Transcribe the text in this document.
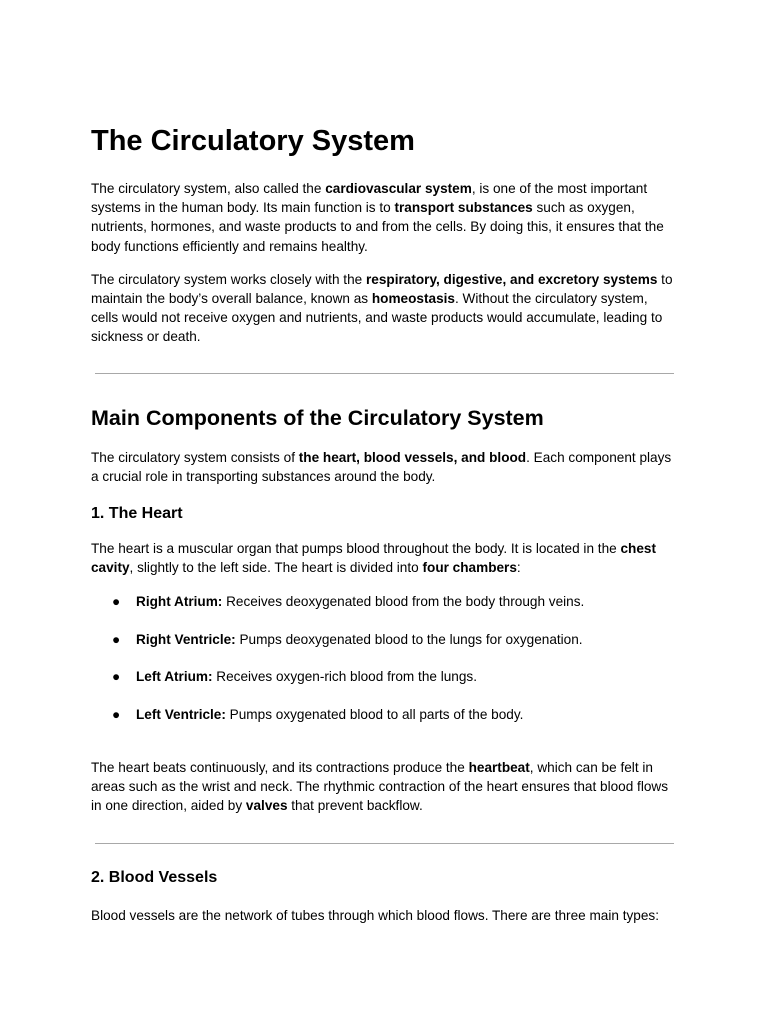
The Circulatory System

The circulatory system, also called the cardiovascular system, is one of the most important systems in the human body. Its main function is to transport substances such as oxygen, nutrients, hormones, and waste products to and from the cells. By doing this, it ensures that the body functions efficiently and remains healthy.

The circulatory system works closely with the respiratory, digestive, and excretory systems to maintain the body’s overall balance, known as homeostasis. Without the circulatory system, cells would not receive oxygen and nutrients, and waste products would accumulate, leading to sickness or death.

Main Components of the Circulatory System

The circulatory system consists of the heart, blood vessels, and blood. Each component plays a crucial role in transporting substances around the body.

1. The Heart

The heart is a muscular organ that pumps blood throughout the body. It is located in the chest cavity, slightly to the left side. The heart is divided into four chambers:

● Right Atrium: Receives deoxygenated blood from the body through veins.
● Right Ventricle: Pumps deoxygenated blood to the lungs for oxygenation.
● Left Atrium: Receives oxygen-rich blood from the lungs.
● Left Ventricle: Pumps oxygenated blood to all parts of the body.

The heart beats continuously, and its contractions produce the heartbeat, which can be felt in areas such as the wrist and neck. The rhythmic contraction of the heart ensures that blood flows in one direction, aided by valves that prevent backflow.

2. Blood Vessels

Blood vessels are the network of tubes through which blood flows. There are three main types:
